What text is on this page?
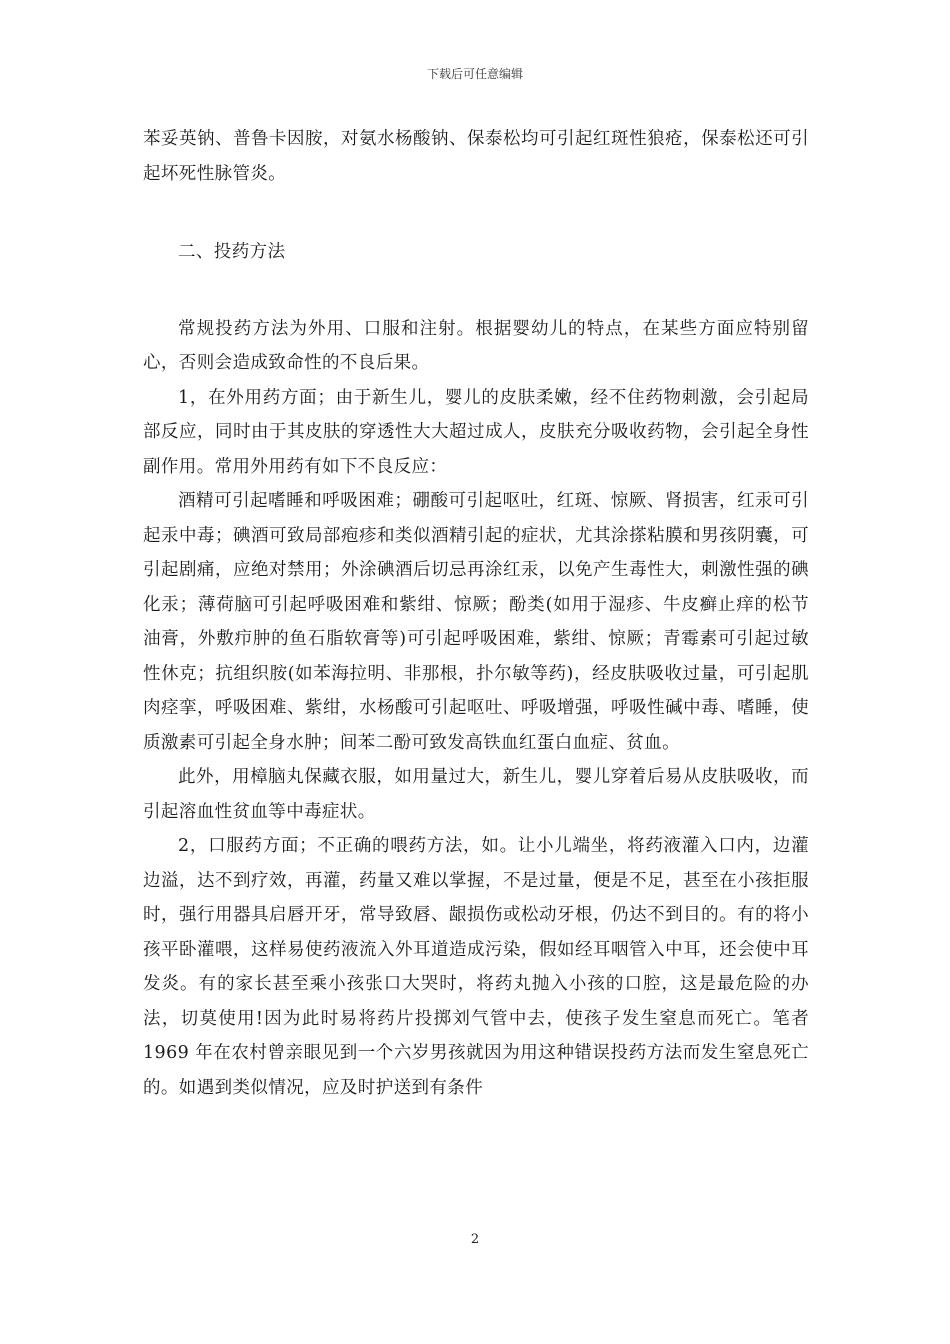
下载后可任意编辑

苯妥英钠、普鲁卡因胺，对氨水杨酸钠、保泰松均可引起红斑性狼疮，保泰松还可引起坏死性脉管炎。

二、投药方法

常规投药方法为外用、口服和注射。根据婴幼儿的特点，在某些方面应特别留心，否则会造成致命性的不良后果。

1，在外用药方面；由于新生儿，婴儿的皮肤柔嫩，经不住药物刺激，会引起局部反应，同时由于其皮肤的穿透性大大超过成人，皮肤充分吸收药物，会引起全身性副作用。常用外用药有如下不良反应：

酒精可引起嗜睡和呼吸困难；硼酸可引起呕吐，红斑、惊厥、肾损害，红汞可引起汞中毒；碘酒可致局部疱疹和类似酒精引起的症状，尤其涂搽粘膜和男孩阴囊，可引起剧痛，应绝对禁用；外涂碘酒后切忌再涂红汞，以免产生毒性大，刺激性强的碘化汞；薄荷脑可引起呼吸困难和紫绀、惊厥；酚类(如用于湿疹、牛皮癣止痒的松节油膏，外敷疖肿的鱼石脂软膏等)可引起呼吸困难，紫绀、惊厥；青霉素可引起过敏性休克；抗组织胺(如苯海拉明、非那根，扑尔敏等药)，经皮肤吸收过量，可引起肌肉痉挛，呼吸困难、紫绀，水杨酸可引起呕吐、呼吸增强，呼吸性碱中毒、嗜睡，使质激素可引起全身水肿；间苯二酚可致发高铁血红蛋白血症、贫血。

此外，用樟脑丸保藏衣服，如用量过大，新生儿，婴儿穿着后易从皮肤吸收，而引起溶血性贫血等中毒症状。

2，口服药方面；不正确的喂药方法，如。让小儿端坐，将药液灌入口内，边灌边溢，达不到疗效，再灌，药量又难以掌握，不是过量，便是不足，甚至在小孩拒服时，强行用器具启唇开牙，常导致唇、龈损伤或松动牙根，仍达不到目的。有的将小孩平卧灌喂，这样易使药液流入外耳道造成污染，假如经耳咽管入中耳，还会使中耳发炎。有的家长甚至乘小孩张口大哭时，将药丸抛入小孩的口腔，这是最危险的办法，切莫使用!因为此时易将药片投掷刘气管中去，使孩子发生窒息而死亡。笔者 1969 年在农村曾亲眼见到一个六岁男孩就因为用这种错误投药方法而发生窒息死亡的。如遇到类似情况，应及时护送到有条件

2
